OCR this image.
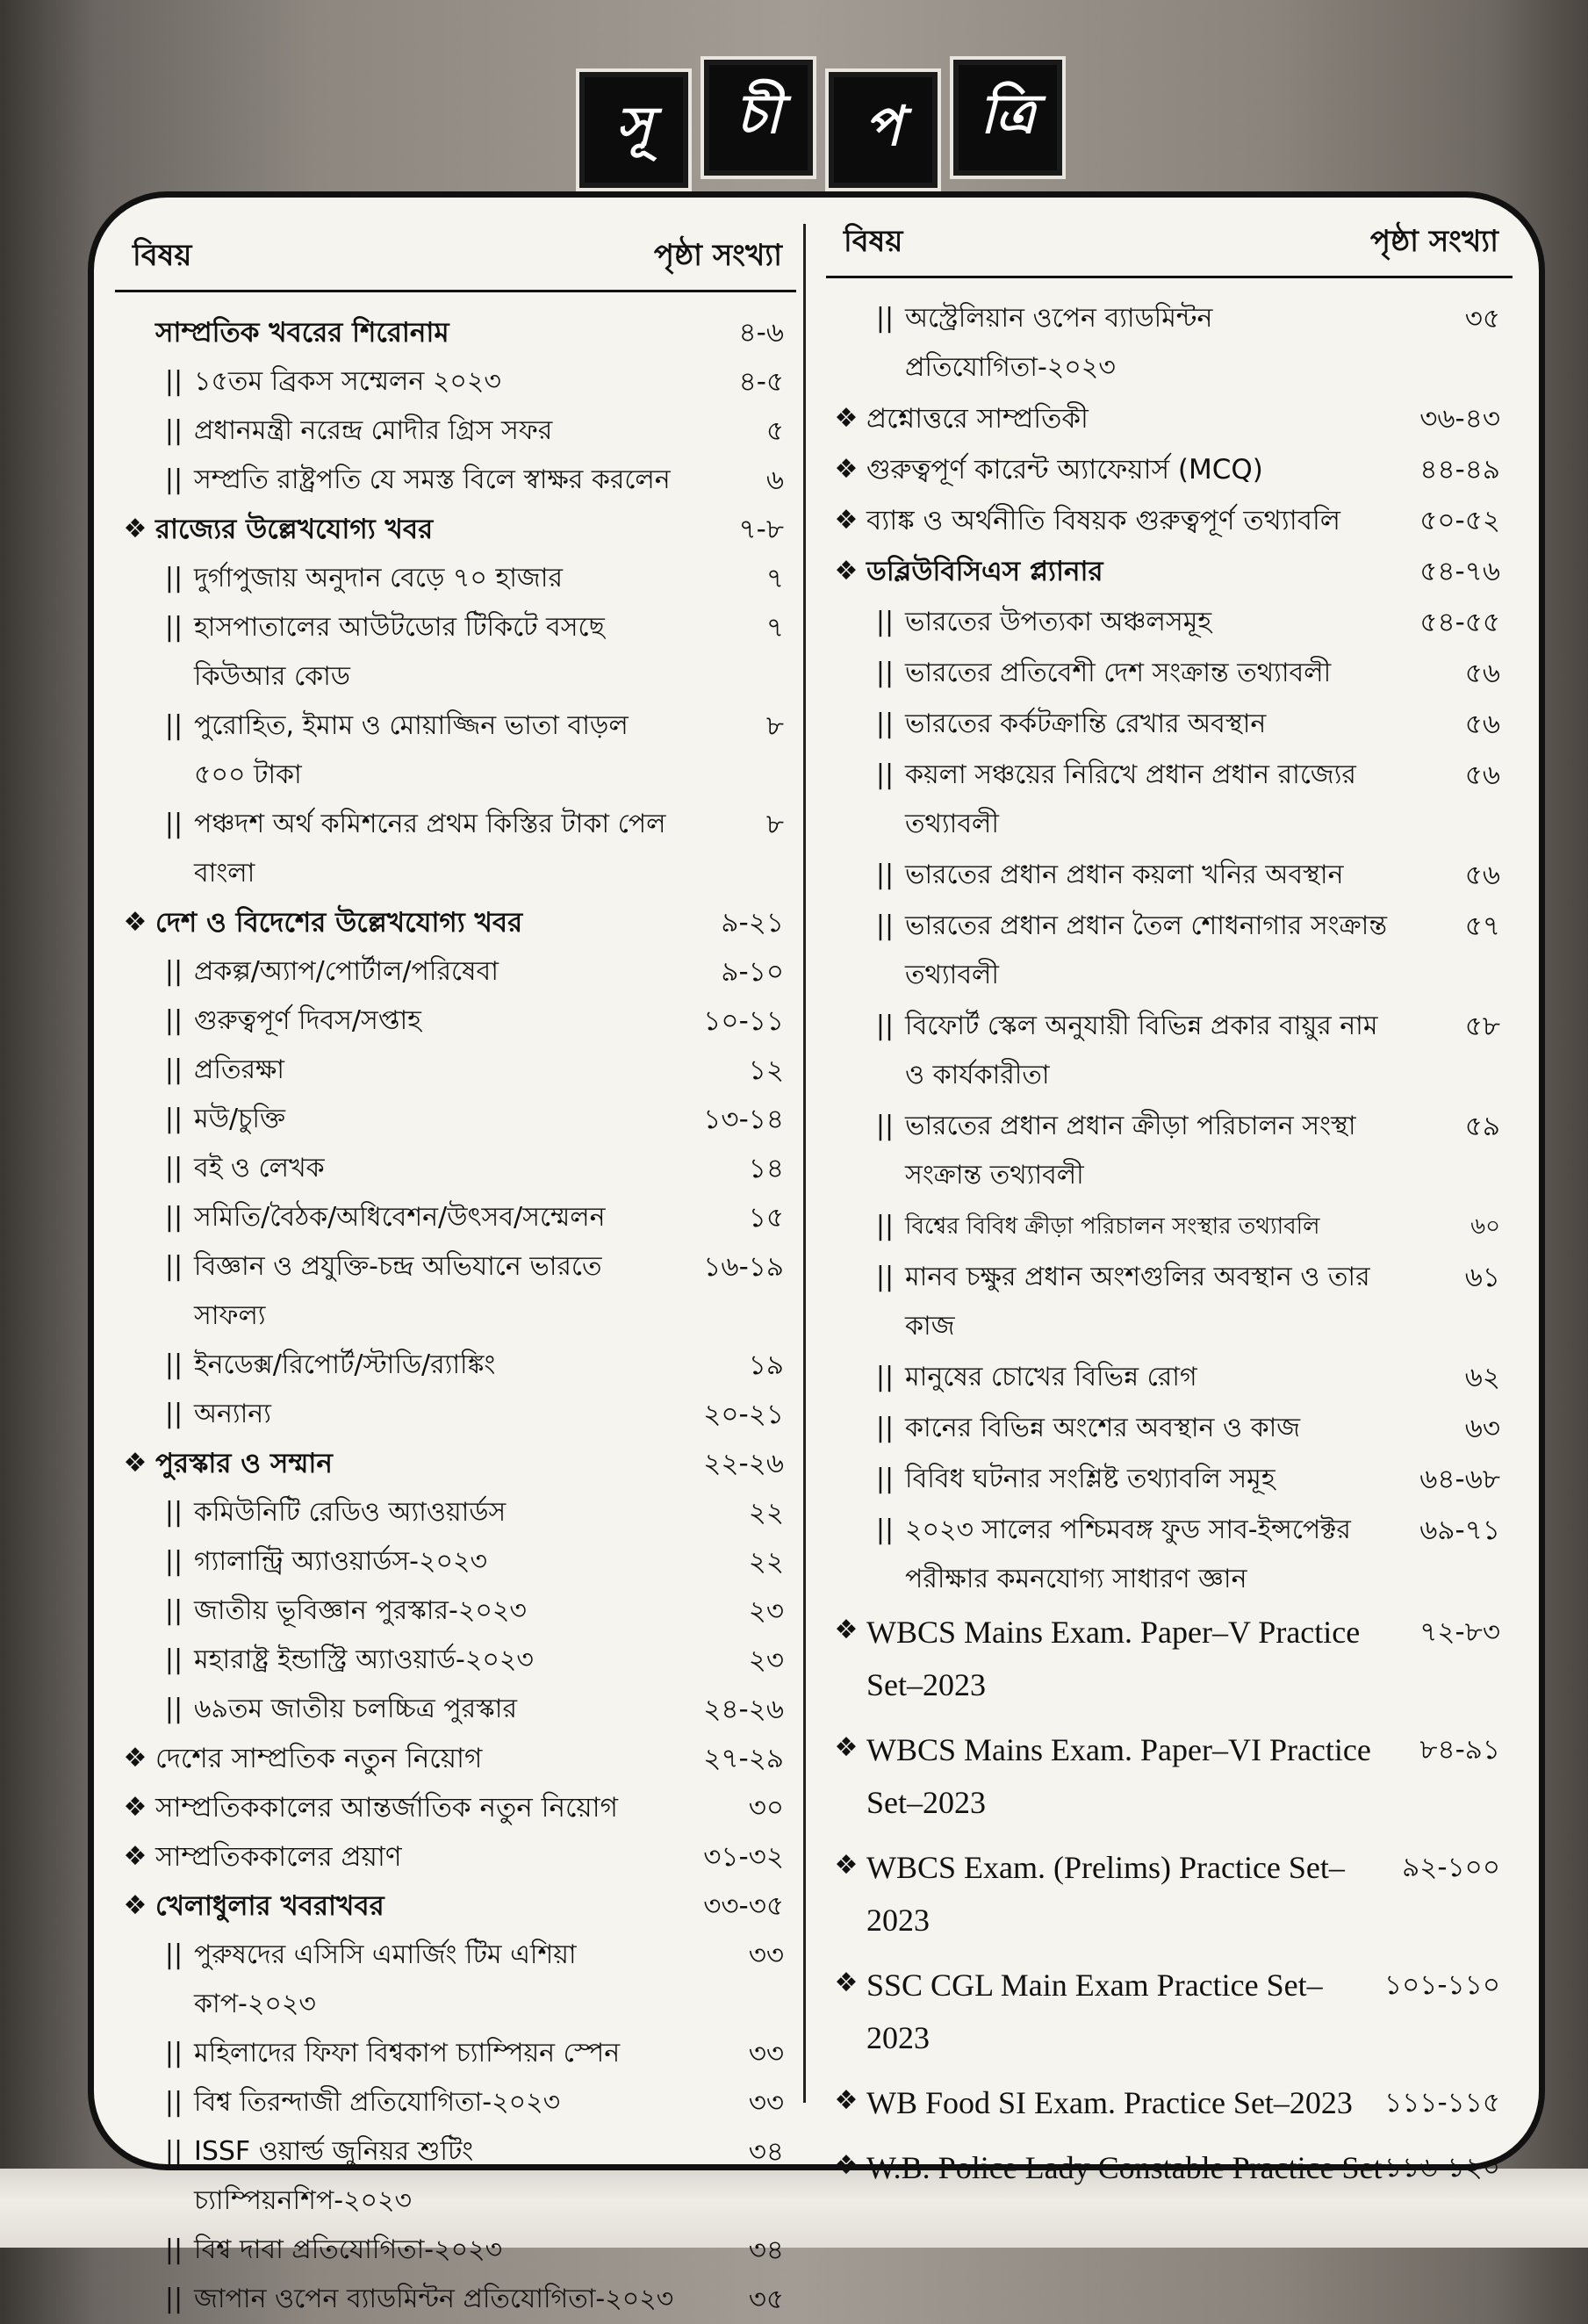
সূ	চী	প	ত্রি
বিষয়	পৃষ্ঠা সংখ্যা
সাম্প্রতিক খবরের শিরোনাম	৪-৬
|| ১৫তম ব্রিকস সম্মেলন ২০২৩	৪-৫
|| প্রধানমন্ত্রী নরেন্দ্র মোদীর গ্রিস সফর	৫
|| সম্প্রতি রাষ্ট্রপতি যে সমস্ত বিলে স্বাক্ষর করলেন	৬
❖ রাজ্যের উল্লেখযোগ্য খবর	৭-৮
|| দুর্গাপুজায় অনুদান বেড়ে ৭০ হাজার	৭
|| হাসপাতালের আউটডোর টিকিটে বসছে কিউআর কোড
৭
|| পুরোহিত, ইমাম ও মোয়াজ্জিন ভাতা বাড়ল ৫০০ টাকা
৮
|| পঞ্চদশ অর্থ কমিশনের প্রথম কিস্তির টাকা পেল বাংলা
৮
❖ দেশ ও বিদেশের উল্লেখযোগ্য খবর	৯-২১
|| প্রকল্প/অ্যাপ/পোর্টাল/পরিষেবা	৯-১০
|| গুরুত্বপূর্ণ দিবস/সপ্তাহ	১০-১১
|| প্রতিরক্ষা	১২
|| মউ/চুক্তি	১৩-১৪
|| বই ও লেখক	১৪
|| সমিতি/বৈঠক/অধিবেশন/উৎসব/সম্মেলন	১৫
|| বিজ্ঞান ও প্রযুক্তি-চন্দ্র অভিযানে ভারতে সাফল্য
১৬-১৯
|| ইনডেক্স/রিপোর্ট/স্টাডি/র‍্যাঙ্কিং	১৯
|| অন্যান্য	২০-২১
❖ পুরস্কার ও সম্মান	২২-২৬
|| কমিউনিটি রেডিও অ্যাওয়ার্ডস	২২
|| গ্যালান্ট্রি অ্যাওয়ার্ডস-২০২৩	২২
|| জাতীয় ভূবিজ্ঞান পুরস্কার-২০২৩	২৩
|| মহারাষ্ট্র ইন্ডাস্ট্রি অ্যাওয়ার্ড-২০২৩	২৩
|| ৬৯তম জাতীয় চলচ্চিত্র পুরস্কার	২৪-২৬
❖ দেশের সাম্প্রতিক নতুন নিয়োগ	২৭-২৯
❖ সাম্প্রতিককালের আন্তর্জাতিক নতুন নিয়োগ	৩০
❖ সাম্প্রতিককালের প্রয়াণ	৩১-৩২
❖ খেলাধুলার খবরাখবর	৩৩-৩৫
|| পুরুষদের এসিসি এমার্জিং টিম এশিয়া কাপ-২০২৩
৩৩
|| মহিলাদের ফিফা বিশ্বকাপ চ্যাম্পিয়ন স্পেন	৩৩
|| বিশ্ব তিরন্দাজী প্রতিযোগিতা-২০২৩	৩৩
|| ISSF ওয়ার্ল্ড জুনিয়র শুটিং চ্যাম্পিয়নশিপ-২০২৩
৩৪
|| বিশ্ব দাবা প্রতিযোগিতা-২০২৩	৩৪
|| জাপান ওপেন ব্যাডমিন্টন প্রতিযোগিতা-২০২৩	৩৫
বিষয়	পৃষ্ঠা সংখ্যা
|| অস্ট্রেলিয়ান ওপেন ব্যাডমিন্টন প্রতিযোগিতা-২০২৩
৩৫
❖ প্রশ্নোত্তরে সাম্প্রতিকী	৩৬-৪৩
❖ গুরুত্বপূর্ণ কারেন্ট অ্যাফেয়ার্স (MCQ)	৪৪-৪৯
❖ ব্যাঙ্ক ও অর্থনীতি বিষয়ক গুরুত্বপূর্ণ তথ্যাবলি	৫০-৫২
❖ ডব্লিউবিসিএস প্ল্যানার	৫৪-৭৬
|| ভারতের উপত্যকা অঞ্চলসমূহ	৫৪-৫৫
|| ভারতের প্রতিবেশী দেশ সংক্রান্ত তথ্যাবলী	৫৬
|| ভারতের কর্কটক্রান্তি রেখার অবস্থান	৫৬
|| কয়লা সঞ্চয়ের নিরিখে প্রধান প্রধান রাজ্যের তথ্যাবলী
৫৬
|| ভারতের প্রধান প্রধান কয়লা খনির অবস্থান	৫৬
|| ভারতের প্রধান প্রধান তৈল শোধনাগার সংক্রান্ত তথ্যাবলী
৫৭
|| বিফোর্ট স্কেল অনুযায়ী বিভিন্ন প্রকার বায়ুর নাম ও কার্যকারীতা
৫৮
|| ভারতের প্রধান প্রধান ক্রীড়া পরিচালন সংস্থা সংক্রান্ত তথ্যাবলী
৫৯
|| বিশ্বের বিবিধ ক্রীড়া পরিচালন সংস্থার তথ্যাবলি	৬০
|| মানব চক্ষুর প্রধান অংশগুলির অবস্থান ও তার কাজ
৬১
|| মানুষের চোখের বিভিন্ন রোগ	৬২
|| কানের বিভিন্ন অংশের অবস্থান ও কাজ	৬৩
|| বিবিধ ঘটনার সংশ্লিষ্ট তথ্যাবলি সমূহ	৬৪-৬৮
|| ২০২৩ সালের পশ্চিমবঙ্গ ফুড সাব-ইন্সপেক্টর পরীক্ষার কমনযোগ্য সাধারণ জ্ঞান
৬৯-৭১
❖ WBCS Mains Exam. Paper–V Practice Set–2023
৭২-৮৩
❖ WBCS Mains Exam. Paper–VI Practice Set–2023
৮৪-৯১
❖ WBCS Exam. (Prelims) Practice Set–2023
৯২-১০০
❖ SSC CGL Main Exam Practice Set–2023
১০১-১১০
❖ WB Food SI Exam. Practice Set–2023	১১১-১১৫
❖ W.B. Police Lady Constable Practice Set ১১৬-১২০
